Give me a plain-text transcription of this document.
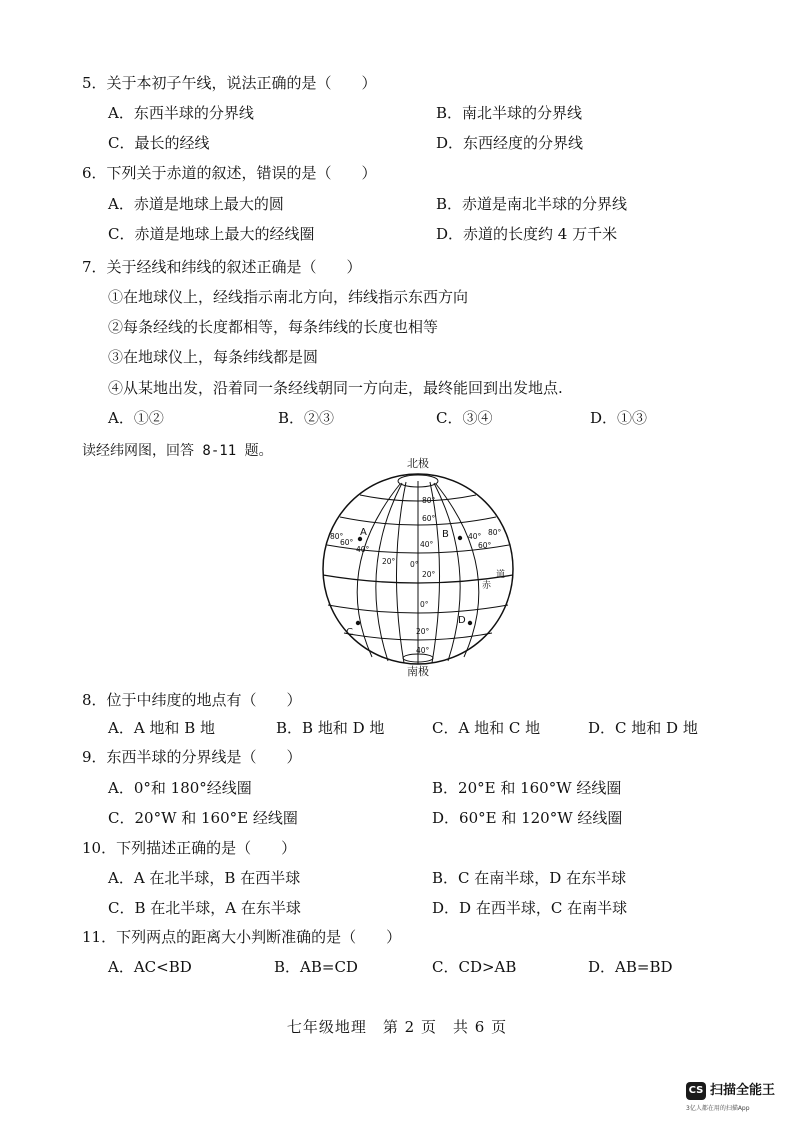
5．关于本初子午线，说法正确的是（　　）
A．东西半球的分界线	B．南北半球的分界线
C．最长的经线	D．东西经度的分界线
6．下列关于赤道的叙述，错误的是（　　）
A．赤道是地球上最大的圆	B．赤道是南北半球的分界线
C．赤道是地球上最大的经线圈	D．赤道的长度约 4 万千米
7．关于经线和纬线的叙述正确是（　　）
①在地球仪上，经线指示南北方向，纬线指示东西方向
②每条经线的长度都相等，每条纬线的长度也相等
③在地球仪上，每条纬线都是圆
④从某地出发，沿着同一条经线朝同一方向走，最终能回到出发地点.
A．①②	B．②③	C．③④	D．①③
读经纬网图，回答 8-11 题。
北极
南极
80°
60°
40°
20°
0°
20°
40°
80°
60°
40°
20° 0°
40°
60°
80°
A	B
C
D
赤
道
8．位于中纬度的地点有（　　）
A．A 地和 B 地	B．B 地和 D 地	C．A 地和 C 地	D．C 地和 D 地
9．东西半球的分界线是（　　）
A．0°和 180°经线圈	B．20°E 和 160°W 经线圈
C．20°W 和 160°E 经线圈	D．60°E 和 120°W 经线圈
10．下列描述正确的是（　　）
A．A 在北半球，B 在西半球	B．C 在南半球，D 在东半球
C．B 在北半球，A 在东半球	D．D 在西半球，C 在南半球
11．下列两点的距离大小判断准确的是（　　）
A．AC<BD	B．AB=CD	C．CD>AB	D．AB=BD
七年级地理　第 2 页　共 6 页
CS 扫描全能王
3亿人都在用的扫描App
